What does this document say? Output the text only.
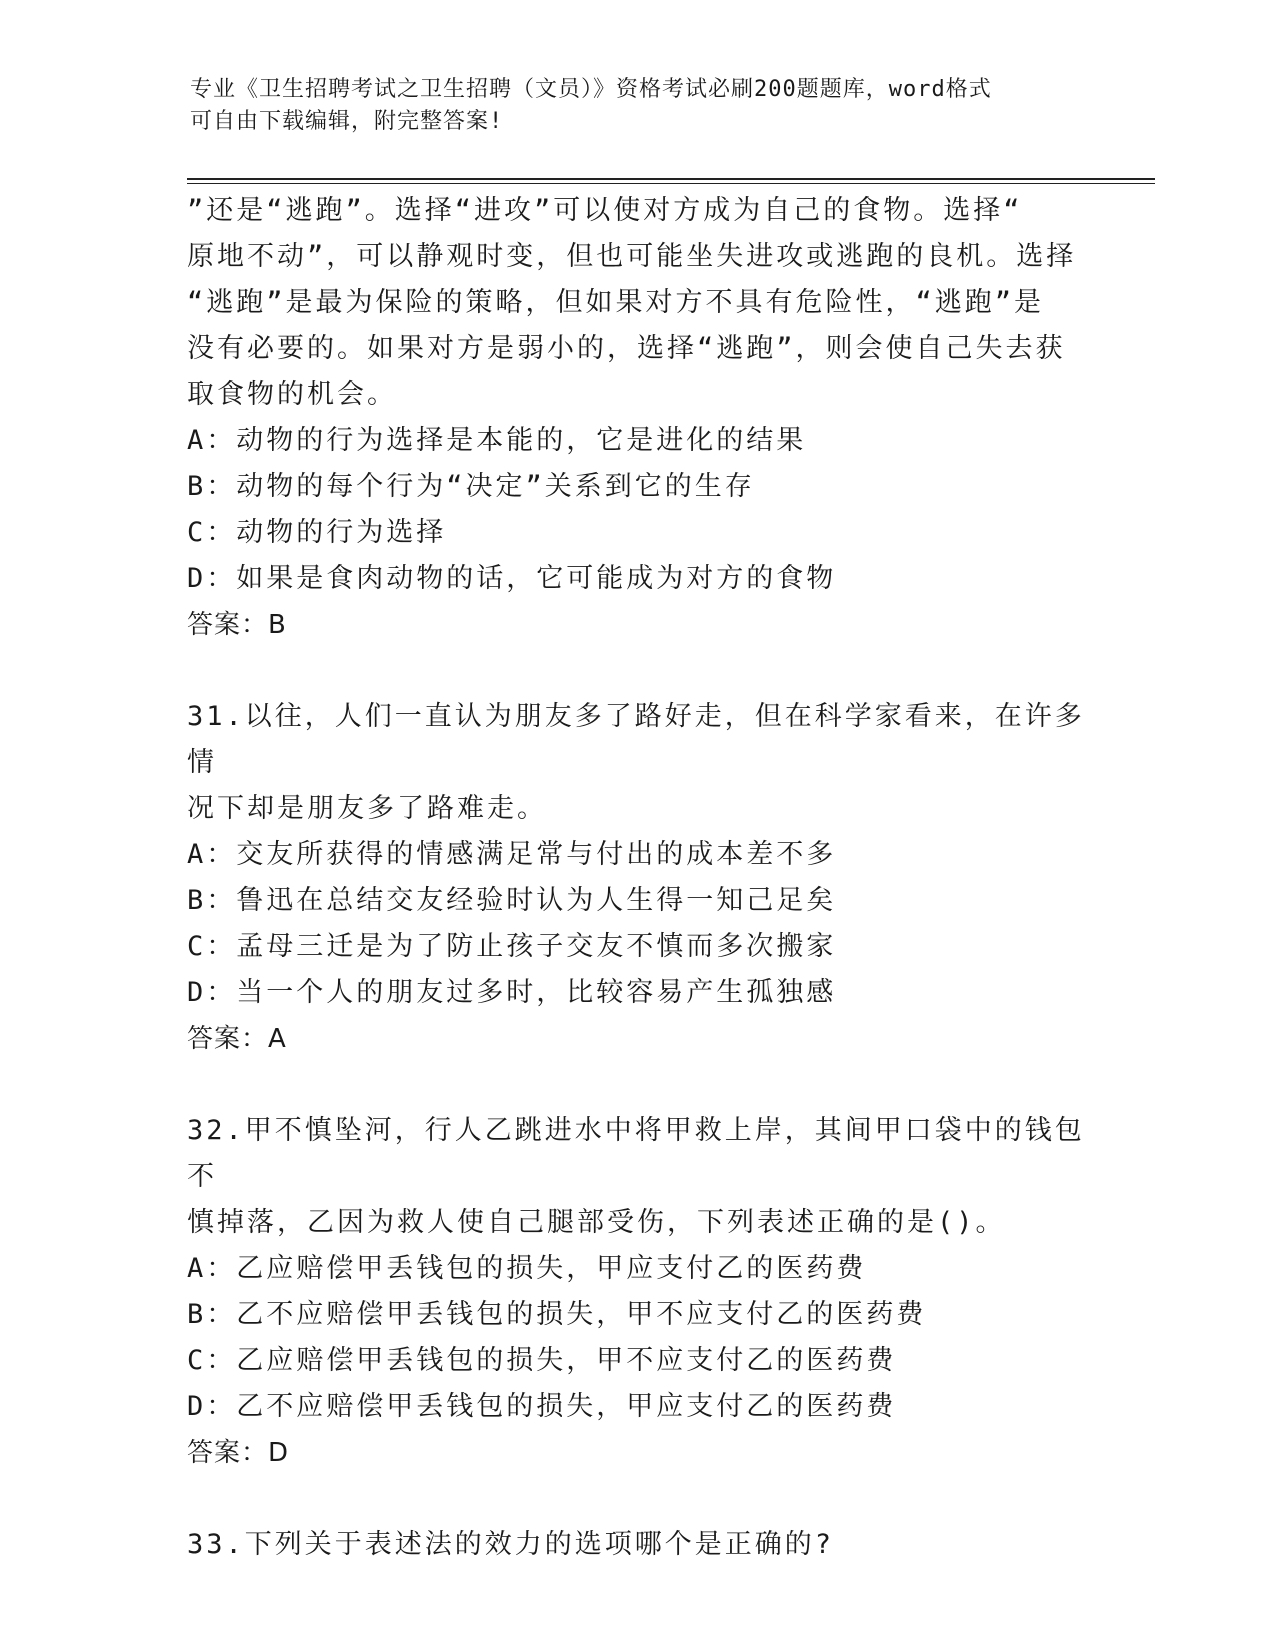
专业《卫生招聘考试之卫生招聘（文员）》资格考试必刷200题题库，word格式
可自由下载编辑，附完整答案!

”还是“逃跑”。选择“进攻”可以使对方成为自己的食物。选择“

原地不动”，可以静观时变，但也可能坐失进攻或逃跑的良机。选择

“逃跑”是最为保险的策略，但如果对方不具有危险性，“逃跑”是

没有必要的。如果对方是弱小的，选择“逃跑”，则会使自己失去获

取食物的机会。

A：动物的行为选择是本能的，它是进化的结果

B：动物的每个行为“决定”关系到它的生存

C：动物的行为选择

D：如果是食肉动物的话，它可能成为对方的食物

答案：B

31.以往，人们一直认为朋友多了路好走，但在科学家看来，在许多情

况下却是朋友多了路难走。

A：交友所获得的情感满足常与付出的成本差不多

B：鲁迅在总结交友经验时认为人生得一知己足矣

C：孟母三迁是为了防止孩子交友不慎而多次搬家

D：当一个人的朋友过多时，比较容易产生孤独感

答案：A

32.甲不慎坠河，行人乙跳进水中将甲救上岸，其间甲口袋中的钱包不

慎掉落，乙因为救人使自己腿部受伤，下列表述正确的是()。

A：乙应赔偿甲丢钱包的损失，甲应支付乙的医药费

B：乙不应赔偿甲丢钱包的损失，甲不应支付乙的医药费

C：乙应赔偿甲丢钱包的损失，甲不应支付乙的医药费

D：乙不应赔偿甲丢钱包的损失，甲应支付乙的医药费

答案：D

33.下列关于表述法的效力的选项哪个是正确的?
